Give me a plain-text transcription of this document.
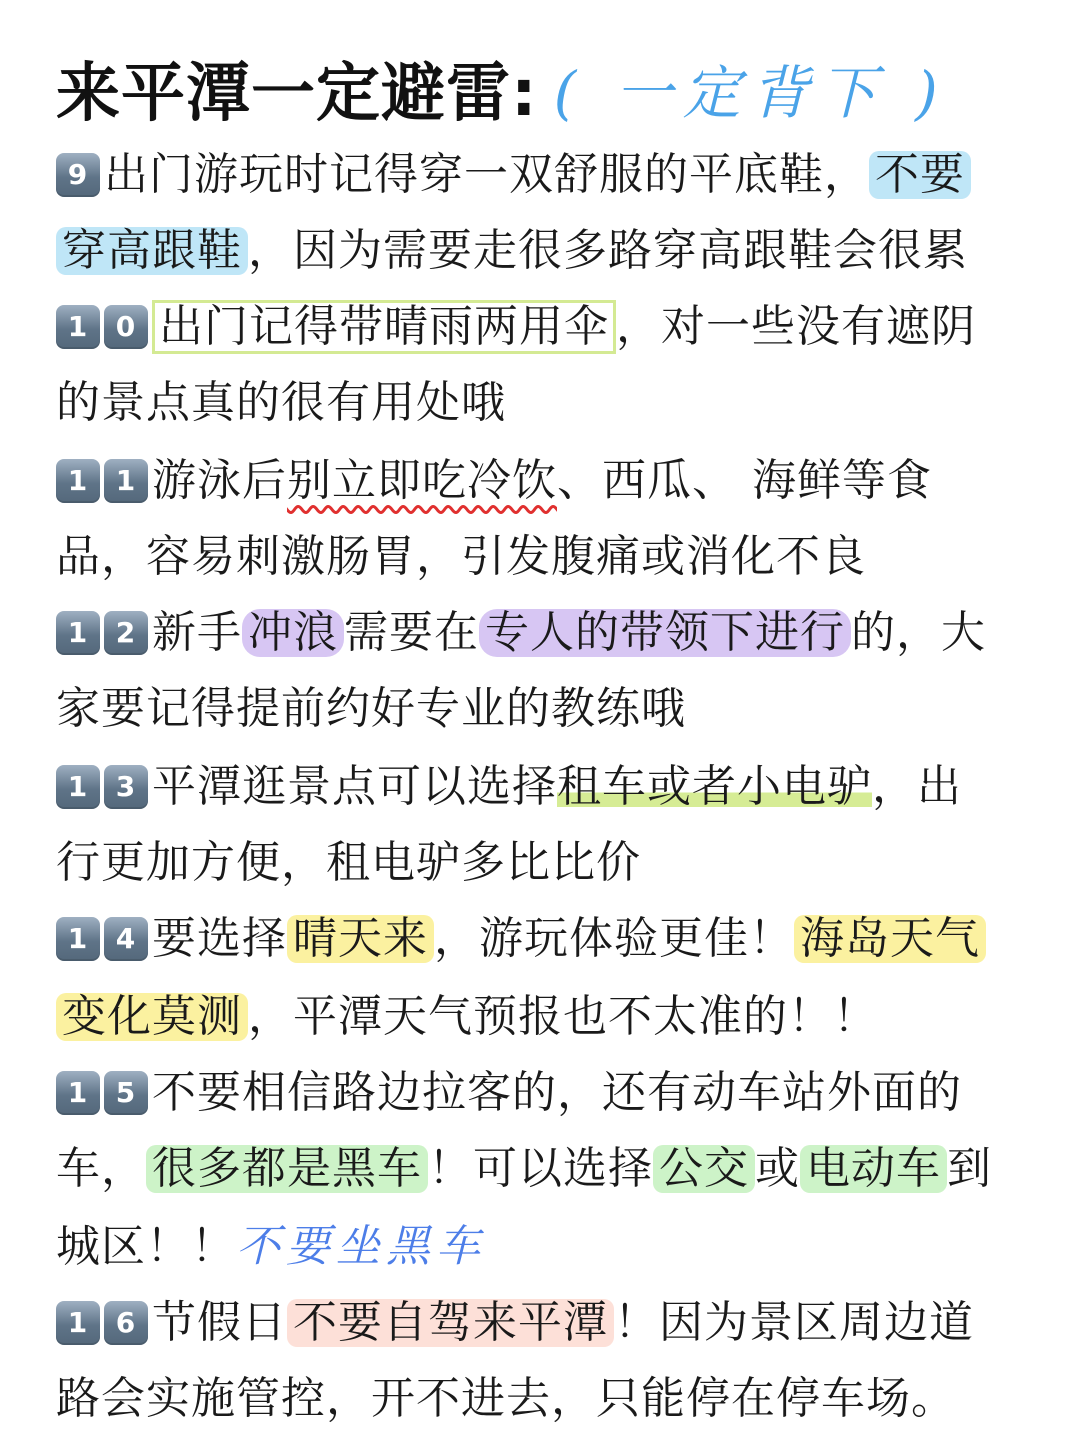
来平潭一定避雷: ( 一定背下 )
9 出门游玩时记得穿一双舒服的平底鞋， 不要
穿高跟鞋 ，因为需要走很多路穿高跟鞋会很累
1 0 出门记得带晴雨两用伞 ，对一些没有遮阴
的景点真的很有用处哦
1 1 游泳后 别立即吃冷饮 、西瓜、 海鲜等食
品，容易刺激肠胃，引发腹痛或消化不良
1 2 新手 冲浪 需要在 专人的带领下进行 的，大
家要记得提前约好专业的教练哦
1 3 平潭逛景点可以选择 租车或者小电驴 ，出
行更加方便，租电驴多比比价
1 4 要选择 晴天来 ，游玩体验更佳！ 海岛天气
变化莫测 ，平潭天气预报也不太准的！！
1 5 不要相信路边拉客的，还有动车站外面的
车， 很多都是黑车 ！可以选择 公交 或 电动车 到
城区！！ 不要坐黑车
1 6 节假日 不要自驾来平潭 ！因为景区周边道
路会实施管控，开不进去，只能停在停车场。
